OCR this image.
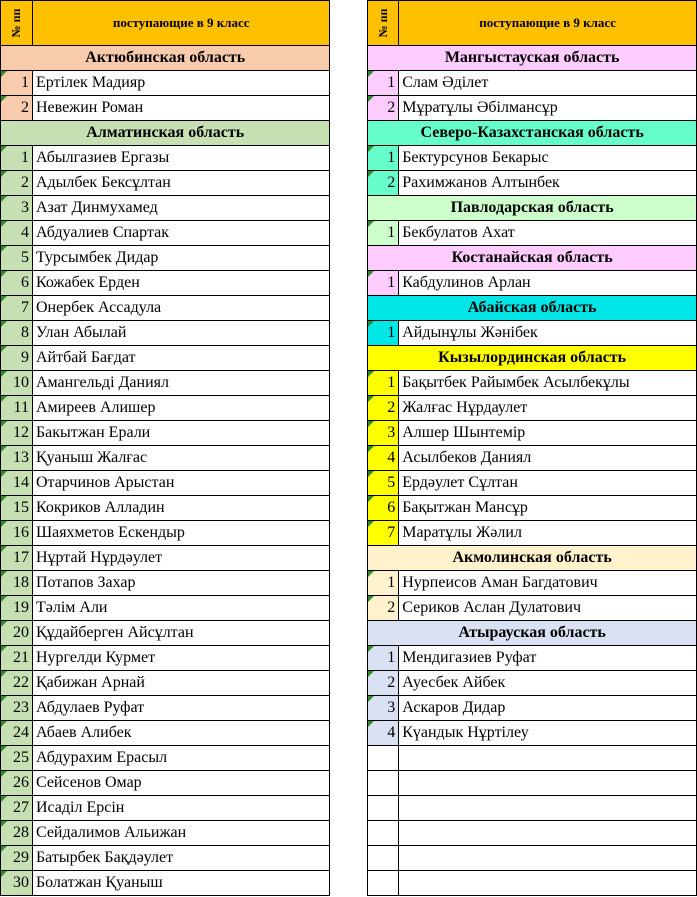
№ пп	поступающие в 9 класс		№ пп	поступающие в 9 класс
Актюбинская область			Мангыстауская область	
1	Ертілек Мадияр		1	Слам Әділет
2	Невежин Роман		2	Мұратұлы Әбілмансұр
Алматинская область			Северо-Казахстанская область	
1	Абылгазиев Ергазы		1	Бектурсунов Бекарыс
2	Адылбек Бексұлтан		2	Рахимжанов Алтынбек
3	Азат Динмухамед		Павлодарская область	
4	Абдуалиев Спартак		1	Бекбулатов Ахат
5	Турсымбек Дидар		Костанайская область	
6	Кожабек Ерден		1	Кабдулинов Арлан
7	Онербек Ассадула		Абайская область	
8	Улан Абылай		1	Айдынұлы Жәнібек
9	Айтбай Бағдат		Кызылординская область	
10	Амангельді Даниял		1	Бақытбек Райымбек Асылбекұлы
11	Амиреев Алишер		2	Жалғас Нұрдаулет
12	Бакытжан Ерали		3	Алшер Шынтемір
13	Қуаныш Жалғас		4	Асылбеков Даниял
14	Отарчинов Арыстан		5	Ердәулет Сұлтан
15	Кокриков Алладин		6	Бақытжан Мансұр
16	Шаяхметов Ескендыр		7	Маратұлы Жәлил
17	Нұртай Нұрдәулет		Акмолинская область	
18	Потапов Захар		1	Нурпеисов Аман Багдатович
19	Тәлім Али		2	Сериков Аслан Дулатович
20	Құдайберген Айсұлтан		Атырауская область	
21	Нургелди Курмет		1	Мендигазиев Руфат
22	Қабижан Арнай		2	Ауесбек Айбек
23	Абдулаев Руфат		3	Аскаров Дидар
24	Абаев Алибек		4	Күандык Нұртілеу
25	Абдурахим Ерасыл			
26	Сейсенов Омар			
27	Исаділ Ерсін			
28	Сейдалимов Альижан			
29	Батырбек Бақдәулет			
30	Болатжан Қуаныш			
